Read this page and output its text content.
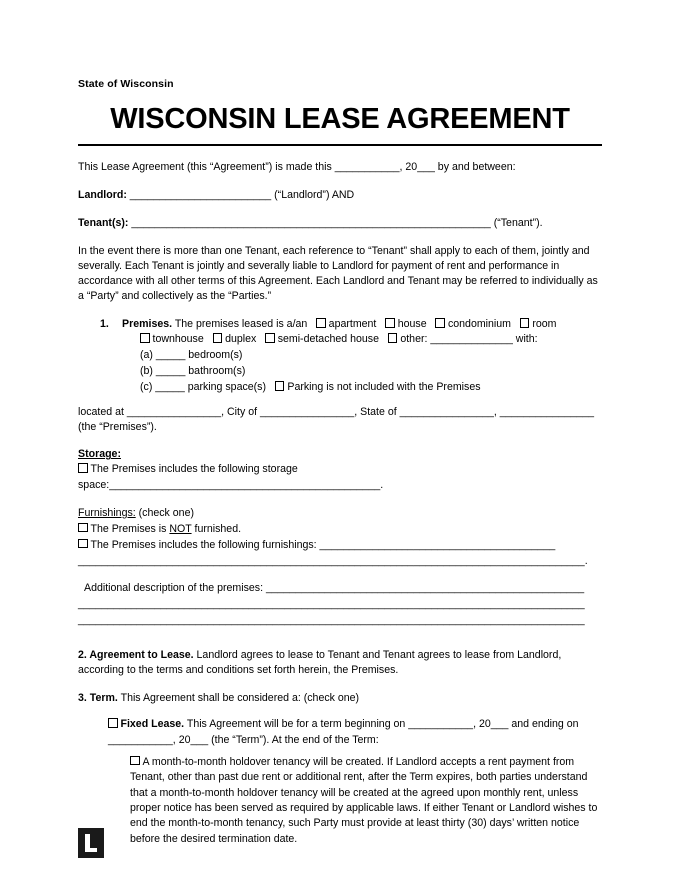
State of Wisconsin
WISCONSIN LEASE AGREEMENT

This Lease Agreement (this “Agreement”) is made this ___________, 20___ by and between:

Landlord: ________________________ (“Landlord”) AND

Tenant(s): _____________________________________________________________ (“Tenant”).

In the event there is more than one Tenant, each reference to “Tenant” shall apply to each of them, jointly and severally. Each Tenant is jointly and severally liable to Landlord for payment of rent and performance in accordance with all other terms of this Agreement. Each Landlord and Tenant may be referred to individually as a “Party” and collectively as the “Parties.”

1. Premises. The premises leased is a/an apartment house condominium room
townhouse duplex semi-detached house other: ______________ with:
(a) _____ bedroom(s)
(b) _____ bathroom(s)
(c) _____ parking space(s) Parking is not included with the Premises

located at ________________, City of ________________, State of ________________, ________________ (the “Premises”).

Storage:
The Premises includes the following storage space:______________________________________________.
Furnishings: (check one)
The Premises is NOT furnished.
The Premises includes the following furnishings: ________________________________________
______________________________________________________________________________________.
Additional description of the premises: ______________________________________________________
______________________________________________________________________________________
______________________________________________________________________________________

2. Agreement to Lease. Landlord agrees to lease to Tenant and Tenant agrees to lease from Landlord, according to the terms and conditions set forth herein, the Premises.

3. Term. This Agreement shall be considered a: (check one)

Fixed Lease. This Agreement will be for a term beginning on ___________, 20___ and ending on ___________, 20___ (the “Term”). At the end of the Term:
A month-to-month holdover tenancy will be created. If Landlord accepts a rent payment from Tenant, other than past due rent or additional rent, after the Term expires, both parties understand that a month-to-month holdover tenancy will be created at the agreed upon monthly rent, unless proper notice has been served as required by applicable laws. If either Tenant or Landlord wishes to end the month-to-month tenancy, such Party must provide at least thirty (30) days’ written notice before the desired termination date.
